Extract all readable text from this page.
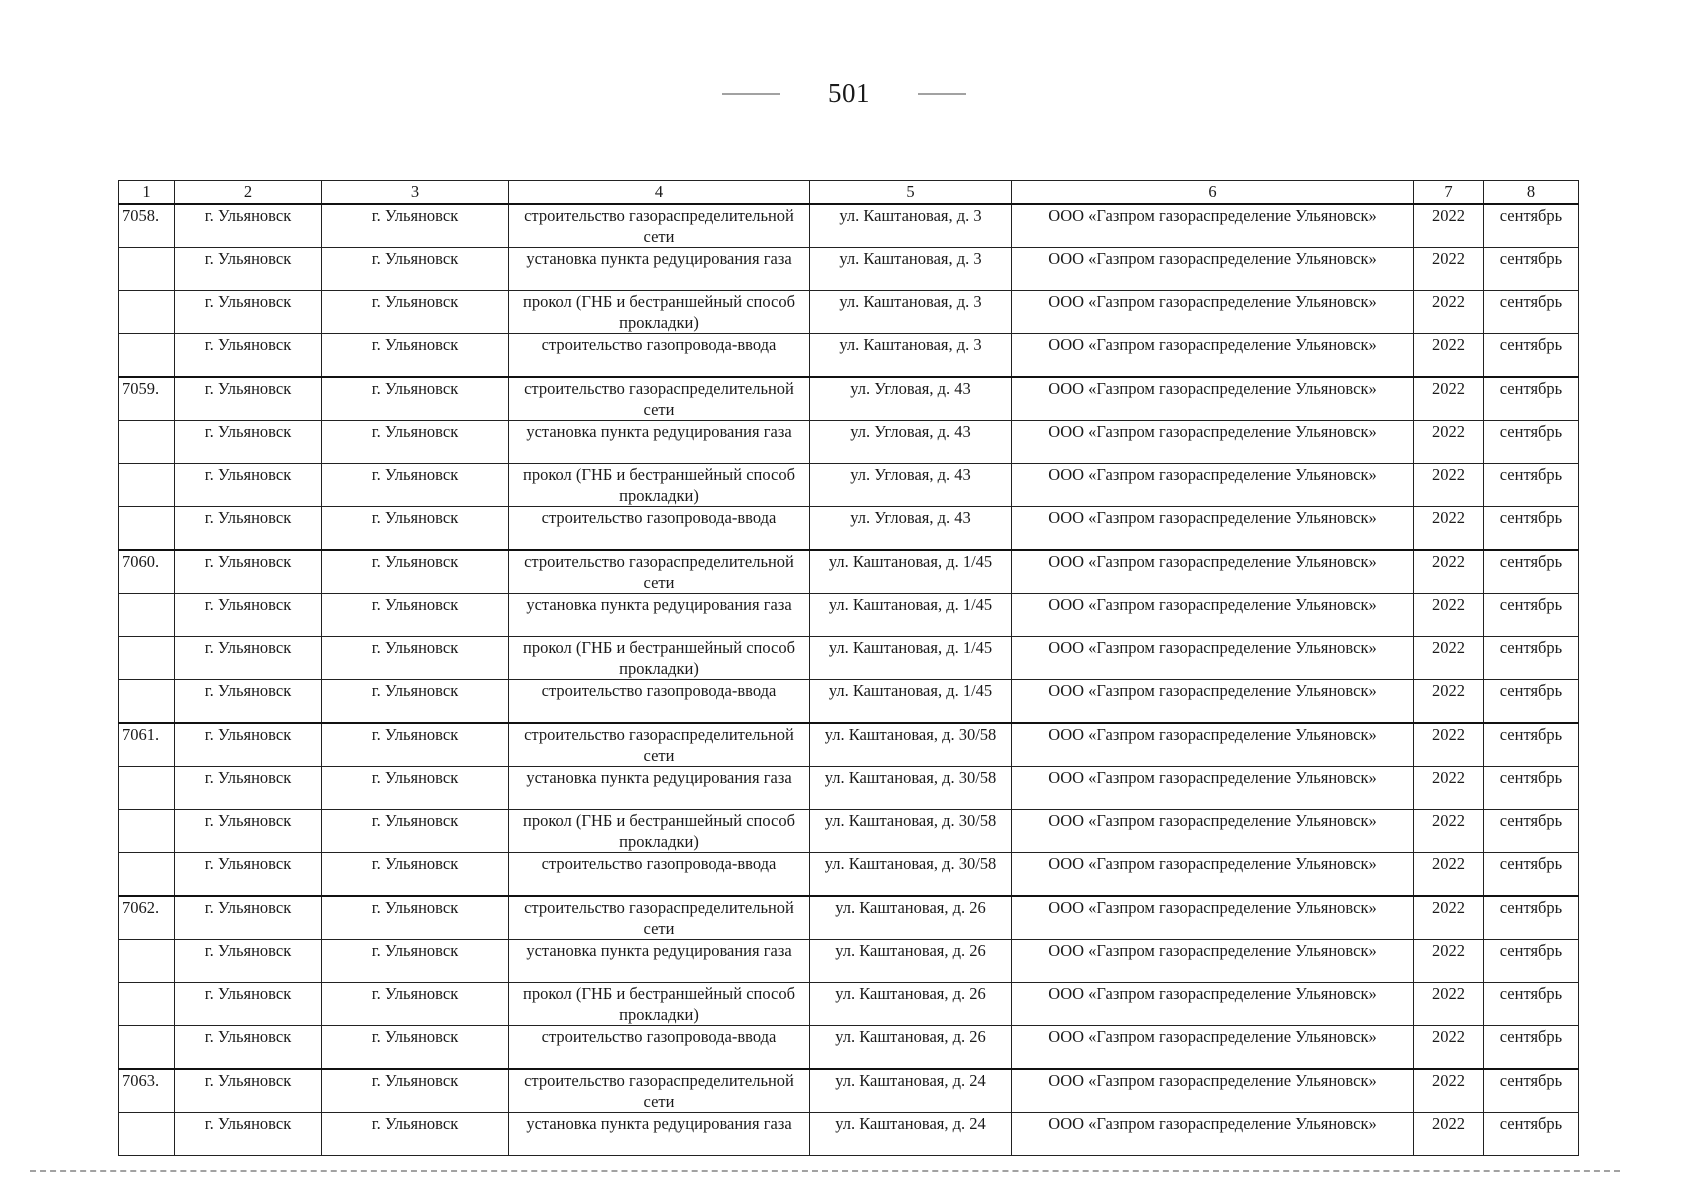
501
1	2	3	4	5	6	7	8
7058.	г. Ульяновск	г. Ульяновск	строительство газораспределительной сети	ул. Каштановая, д. 3	ООО «Газпром газораспределение Ульяновск»	2022	сентябрь
	г. Ульяновск	г. Ульяновск	установка пункта редуцирования газа	ул. Каштановая, д. 3	ООО «Газпром газораспределение Ульяновск»	2022	сентябрь
	г. Ульяновск	г. Ульяновск	прокол (ГНБ и бестраншейный способ прокладки)	ул. Каштановая, д. 3	ООО «Газпром газораспределение Ульяновск»	2022	сентябрь
	г. Ульяновск	г. Ульяновск	строительство газопровода-ввода	ул. Каштановая, д. 3	ООО «Газпром газораспределение Ульяновск»	2022	сентябрь
7059.	г. Ульяновск	г. Ульяновск	строительство газораспределительной сети	ул. Угловая, д. 43	ООО «Газпром газораспределение Ульяновск»	2022	сентябрь
	г. Ульяновск	г. Ульяновск	установка пункта редуцирования газа	ул. Угловая, д. 43	ООО «Газпром газораспределение Ульяновск»	2022	сентябрь
	г. Ульяновск	г. Ульяновск	прокол (ГНБ и бестраншейный способ прокладки)	ул. Угловая, д. 43	ООО «Газпром газораспределение Ульяновск»	2022	сентябрь
	г. Ульяновск	г. Ульяновск	строительство газопровода-ввода	ул. Угловая, д. 43	ООО «Газпром газораспределение Ульяновск»	2022	сентябрь
7060.	г. Ульяновск	г. Ульяновск	строительство газораспределительной сети	ул. Каштановая, д. 1/45	ООО «Газпром газораспределение Ульяновск»	2022	сентябрь
	г. Ульяновск	г. Ульяновск	установка пункта редуцирования газа	ул. Каштановая, д. 1/45	ООО «Газпром газораспределение Ульяновск»	2022	сентябрь
	г. Ульяновск	г. Ульяновск	прокол (ГНБ и бестраншейный способ прокладки)	ул. Каштановая, д. 1/45	ООО «Газпром газораспределение Ульяновск»	2022	сентябрь
	г. Ульяновск	г. Ульяновск	строительство газопровода-ввода	ул. Каштановая, д. 1/45	ООО «Газпром газораспределение Ульяновск»	2022	сентябрь
7061.	г. Ульяновск	г. Ульяновск	строительство газораспределительной сети	ул. Каштановая, д. 30/58	ООО «Газпром газораспределение Ульяновск»	2022	сентябрь
	г. Ульяновск	г. Ульяновск	установка пункта редуцирования газа	ул. Каштановая, д. 30/58	ООО «Газпром газораспределение Ульяновск»	2022	сентябрь
	г. Ульяновск	г. Ульяновск	прокол (ГНБ и бестраншейный способ прокладки)	ул. Каштановая, д. 30/58	ООО «Газпром газораспределение Ульяновск»	2022	сентябрь
	г. Ульяновск	г. Ульяновск	строительство газопровода-ввода	ул. Каштановая, д. 30/58	ООО «Газпром газораспределение Ульяновск»	2022	сентябрь
7062.	г. Ульяновск	г. Ульяновск	строительство газораспределительной сети	ул. Каштановая, д. 26	ООО «Газпром газораспределение Ульяновск»	2022	сентябрь
	г. Ульяновск	г. Ульяновск	установка пункта редуцирования газа	ул. Каштановая, д. 26	ООО «Газпром газораспределение Ульяновск»	2022	сентябрь
	г. Ульяновск	г. Ульяновск	прокол (ГНБ и бестраншейный способ прокладки)	ул. Каштановая, д. 26	ООО «Газпром газораспределение Ульяновск»	2022	сентябрь
	г. Ульяновск	г. Ульяновск	строительство газопровода-ввода	ул. Каштановая, д. 26	ООО «Газпром газораспределение Ульяновск»	2022	сентябрь
7063.	г. Ульяновск	г. Ульяновск	строительство газораспределительной сети	ул. Каштановая, д. 24	ООО «Газпром газораспределение Ульяновск»	2022	сентябрь
	г. Ульяновск	г. Ульяновск	установка пункта редуцирования газа	ул. Каштановая, д. 24	ООО «Газпром газораспределение Ульяновск»	2022	сентябрь
